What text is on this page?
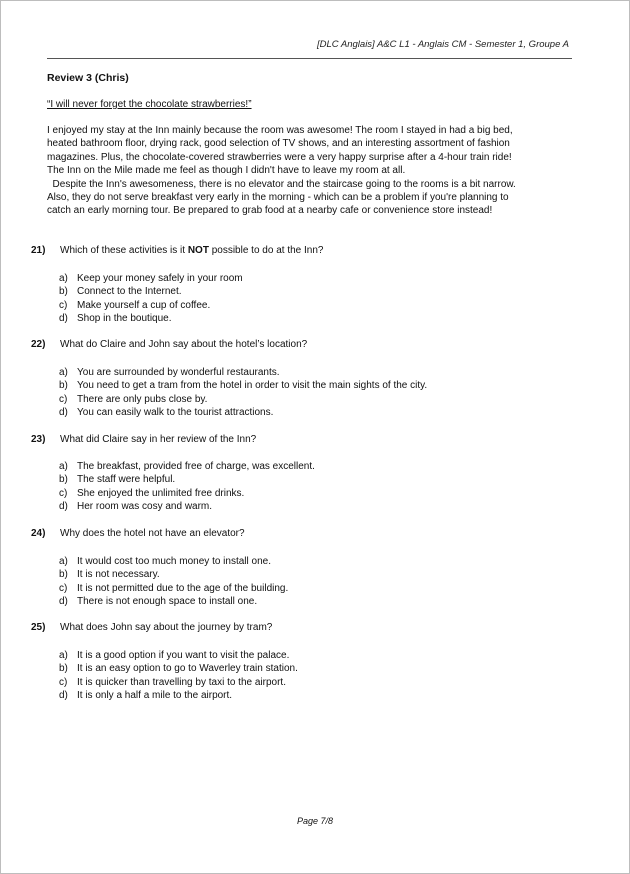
[DLC Anglais] A&C L1 - Anglais CM - Semester 1, Groupe A
Review 3 (Chris)
“I will never forget the chocolate strawberries!”

I enjoyed my stay at the Inn mainly because the room was awesome! The room I stayed in had a big bed,

heated bathroom floor, drying rack, good selection of TV shows, and an interesting assortment of fashion

magazines. Plus, the chocolate-covered strawberries were a very happy surprise after a 4-hour train ride!

The Inn on the Mile made me feel as though I didn't have to leave my room at all.

Despite the Inn's awesomeness, there is no elevator and the staircase going to the rooms is a bit narrow.

Also, they do not serve breakfast very early in the morning - which can be a problem if you're planning to

catch an early morning tour. Be prepared to grab food at a nearby cafe or convenience store instead!

21)	Which of these activities is it NOT possible to do at the Inn?
a) Keep your money safely in your room
b) Connect to the Internet.
c) Make yourself a cup of coffee.
d) Shop in the boutique.
22)	What do Claire and John say about the hotel’s location?
a) You are surrounded by wonderful restaurants.
b) You need to get a tram from the hotel in order to visit the main sights of the city.
c) There are only pubs close by.
d) You can easily walk to the tourist attractions.
23)	What did Claire say in her review of the Inn?
a) The breakfast, provided free of charge, was excellent.
b) The staff were helpful.
c) She enjoyed the unlimited free drinks.
d) Her room was cosy and warm.
24)	Why does the hotel not have an elevator?
a) It would cost too much money to install one.
b) It is not necessary.
c) It is not permitted due to the age of the building.
d) There is not enough space to install one.
25)	What does John say about the journey by tram?
a) It is a good option if you want to visit the palace.
b) It is an easy option to go to Waverley train station.
c) It is quicker than travelling by taxi to the airport.
d) It is only a half a mile to the airport.
Page 7/8
